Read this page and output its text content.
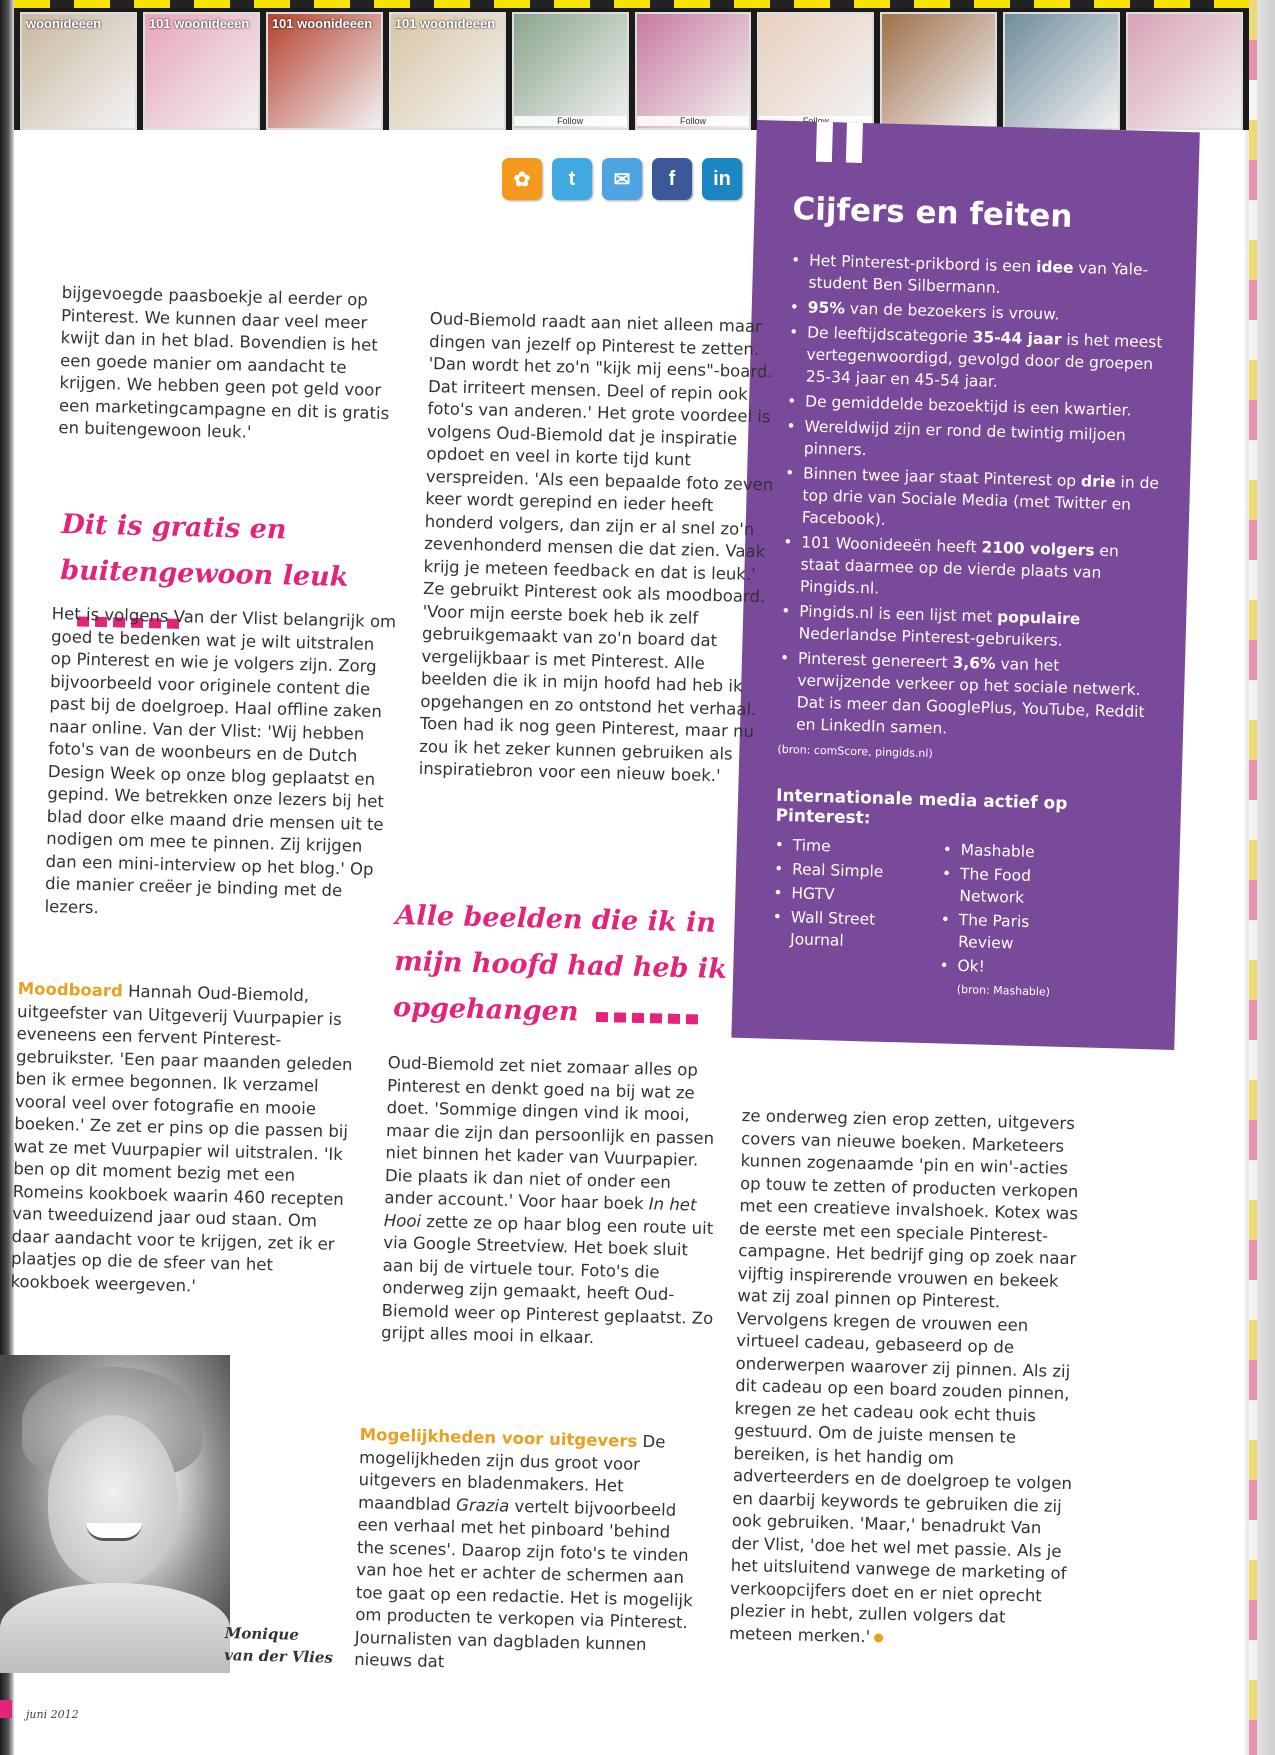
woonideeen	101 woonideeen	101 woonideeen	101 woonideeen
Follow	Follow
✿	t	✉	f	in
Cijfers en feiten
• Het Pinterest-prikbord is een idee van Yale-student Ben Silbermann.
• 95% van de bezoekers is vrouw.
• De leeftijdscategorie 35-44 jaar is het meest vertegenwoordigd, gevolgd door de groepen 25-34 jaar en 45-54 jaar.
• De gemiddelde bezoektijd is een kwartier.
• Wereldwijd zijn er rond de twintig miljoen pinners.
• Binnen twee jaar staat Pinterest op drie in de top drie van Sociale Media (met Twitter en Facebook).
• 101 Woonideeën heeft 2100 volgers en staat daarmee op de vierde plaats van Pingids.nl.
• Pingids.nl is een lijst met populaire Nederlandse Pinterest-gebruikers.
• Pinterest genereert 3,6% van het verwijzende verkeer op het sociale netwerk. Dat is meer dan GooglePlus, YouTube, Reddit en LinkedIn samen.
(bron: comScore, pingids.nl)
Internationale media actief op Pinterest:
• Time
• Real Simple
• HGTV
• Wall Street Journal
• Mashable
• The Food Network
• The Paris Review
• Ok!
(bron: Mashable)

bijgevoegde paasboekje al eerder op Pinterest. We kunnen daar veel meer kwijt dan in het blad. Bovendien is het een goede manier om aandacht te krijgen. We hebben geen pot geld voor een marketingcampagne en dit is gratis en buitengewoon leuk.'

Dit is gratis en buitengewoon leuk

Het is volgens Van der Vlist belangrijk om goed te bedenken wat je wilt uitstralen op Pinterest en wie je volgers zijn. Zorg bijvoorbeeld voor originele content die past bij de doelgroep. Haal offline zaken naar online. Van der Vlist: 'Wij hebben foto's van de woonbeurs en de Dutch Design Week op onze blog geplaatst en gepind. We betrekken onze lezers bij het blad door elke maand drie mensen uit te nodigen om mee te pinnen. Zij krijgen dan een mini-interview op het blog.' Op die manier creëer je binding met de lezers.

Moodboard Hannah Oud-Biemold, uitgeefster van Uitgeverij Vuurpapier is eveneens een fervent Pinterest-gebruikster. 'Een paar maanden geleden ben ik ermee begonnen. Ik verzamel vooral veel over fotografie en mooie boeken.' Ze zet er pins op die passen bij wat ze met Vuurpapier wil uitstralen. 'Ik ben op dit moment bezig met een Romeins kookboek waarin 460 recepten van tweeduizend jaar oud staan. Om daar aandacht voor te krijgen, zet ik er plaatjes op die de sfeer van het kookboek weergeven.'

Oud-Biemold raadt aan niet alleen maar dingen van jezelf op Pinterest te zetten. 'Dan wordt het zo'n "kijk mij eens"-board. Dat irriteert mensen. Deel of repin ook foto's van anderen.' Het grote voordeel is volgens Oud-Biemold dat je inspiratie opdoet en veel in korte tijd kunt verspreiden. 'Als een bepaalde foto zeven keer wordt gerepind en ieder heeft honderd volgers, dan zijn er al snel zo'n zevenhonderd mensen die dat zien. Vaak krijg je meteen feedback en dat is leuk.' Ze gebruikt Pinterest ook als moodboard. 'Voor mijn eerste boek heb ik zelf gebruikgemaakt van zo'n board dat vergelijkbaar is met Pinterest. Alle beelden die ik in mijn hoofd had heb ik opgehangen en zo ontstond het verhaal. Toen had ik nog geen Pinterest, maar nu zou ik het zeker kunnen gebruiken als inspiratiebron voor een nieuw boek.'

Alle beelden die ik in mijn hoofd had heb ik opgehangen

Oud-Biemold zet niet zomaar alles op Pinterest en denkt goed na bij wat ze doet. 'Sommige dingen vind ik mooi, maar die zijn dan persoonlijk en passen niet binnen het kader van Vuurpapier. Die plaats ik dan niet of onder een ander account.' Voor haar boek In het Hooi zette ze op haar blog een route uit via Google Streetview. Het boek sluit aan bij de virtuele tour. Foto's die onderweg zijn gemaakt, heeft Oud-Biemold weer op Pinterest geplaatst. Zo grijpt alles mooi in elkaar.

Mogelijkheden voor uitgevers De mogelijkheden zijn dus groot voor uitgevers en bladenmakers. Het maandblad Grazia vertelt bijvoorbeeld een verhaal met het pinboard 'behind the scenes'. Daarop zijn foto's te vinden van hoe het er achter de schermen aan toe gaat op een redactie. Het is mogelijk om producten te verkopen via Pinterest. Journalisten van dagbladen kunnen nieuws dat

ze onderweg zien erop zetten, uitgevers covers van nieuwe boeken. Marketeers kunnen zogenaamde 'pin en win'-acties op touw te zetten of producten verkopen met een creatieve invalshoek. Kotex was de eerste met een speciale Pinterest-campagne. Het bedrijf ging op zoek naar vijftig inspirerende vrouwen en bekeek wat zij zoal pinnen op Pinterest. Vervolgens kregen de vrouwen een virtueel cadeau, gebaseerd op de onderwerpen waarover zij pinnen. Als zij dit cadeau op een board zouden pinnen, kregen ze het cadeau ook echt thuis gestuurd. Om de juiste mensen te bereiken, is het handig om adverteerders en de doelgroep te volgen en daarbij keywords te gebruiken die zij ook gebruiken. 'Maar,' benadrukt Van der Vlist, 'doe het wel met passie. Als je het uitsluitend vanwege de marketing of verkoopcijfers doet en er niet oprecht plezier in hebt, zullen volgers dat meteen merken.'

Monique
van der Vlies
juni 2012
